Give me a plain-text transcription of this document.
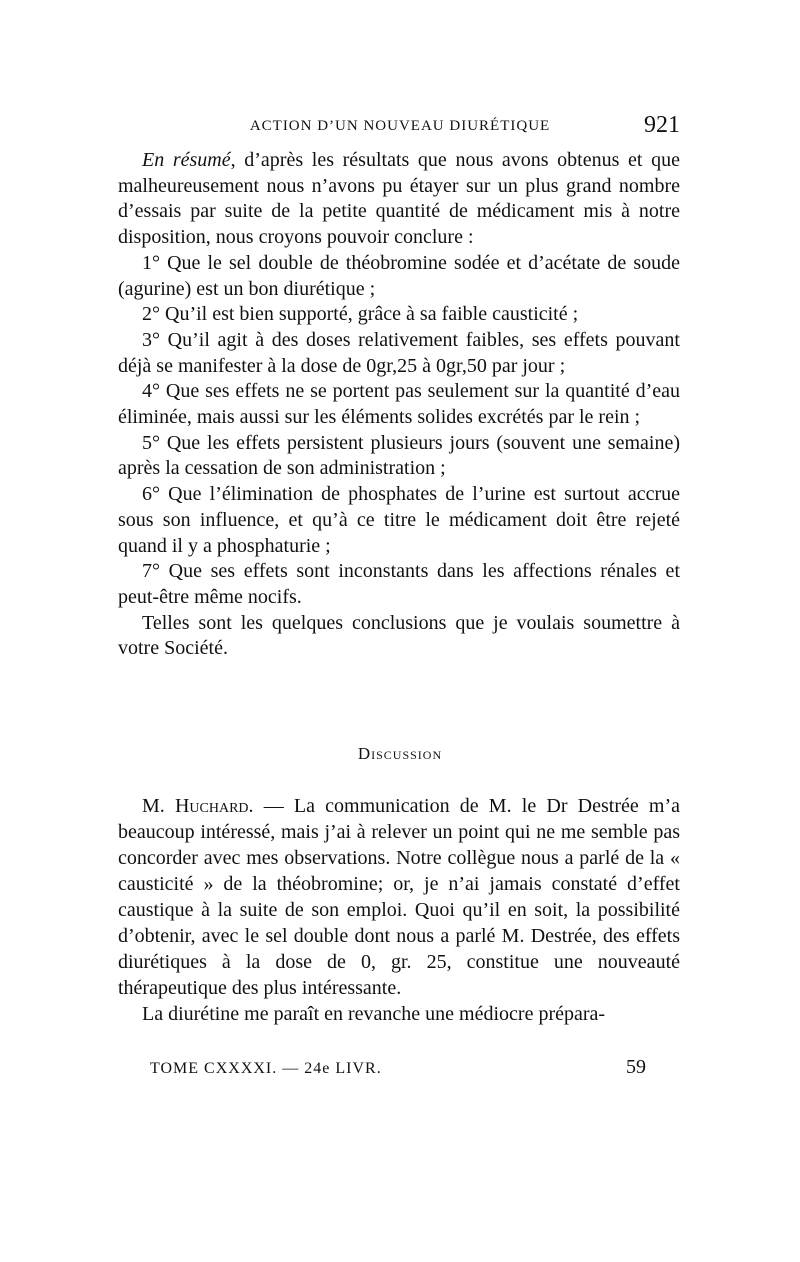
ACTION D’UN NOUVEAU DIURÉTIQUE	921

En résumé, d’après les résultats que nous avons obtenus et que malheureusement nous n’avons pu étayer sur un plus grand nombre d’essais par suite de la petite quantité de médicament mis à notre disposition, nous croyons pouvoir conclure :

1° Que le sel double de théobromine sodée et d’acétate de soude (agurine) est un bon diurétique ;

2° Qu’il est bien supporté, grâce à sa faible causticité ;

3° Qu’il agit à des doses relativement faibles, ses effets pouvant déjà se manifester à la dose de 0gr,25 à 0gr,50 par jour ;

4° Que ses effets ne se portent pas seulement sur la quantité d’eau éliminée, mais aussi sur les éléments solides excrétés par le rein ;

5° Que les effets persistent plusieurs jours (souvent une semaine) après la cessation de son administration ;

6° Que l’élimination de phosphates de l’urine est surtout accrue sous son influence, et qu’à ce titre le médicament doit être rejeté quand il y a phosphaturie ;

7° Que ses effets sont inconstants dans les affections rénales et peut-être même nocifs.

Telles sont les quelques conclusions que je voulais soumettre à votre Société.

Discussion

M. Huchard. — La communication de M. le Dr Destrée m’a beaucoup intéressé, mais j’ai à relever un point qui ne me semble pas concorder avec mes observations. Notre collègue nous a parlé de la « causticité » de la théobromine; or, je n’ai jamais constaté d’effet caustique à la suite de son emploi. Quoi qu’il en soit, la possibilité d’obtenir, avec le sel double dont nous a parlé M. Destrée, des effets diurétiques à la dose de 0, gr. 25, constitue une nouveauté thérapeutique des plus intéressante.

La diurétine me paraît en revanche une médiocre prépara-

TOME CXXXXI. — 24e LIVR.	59
